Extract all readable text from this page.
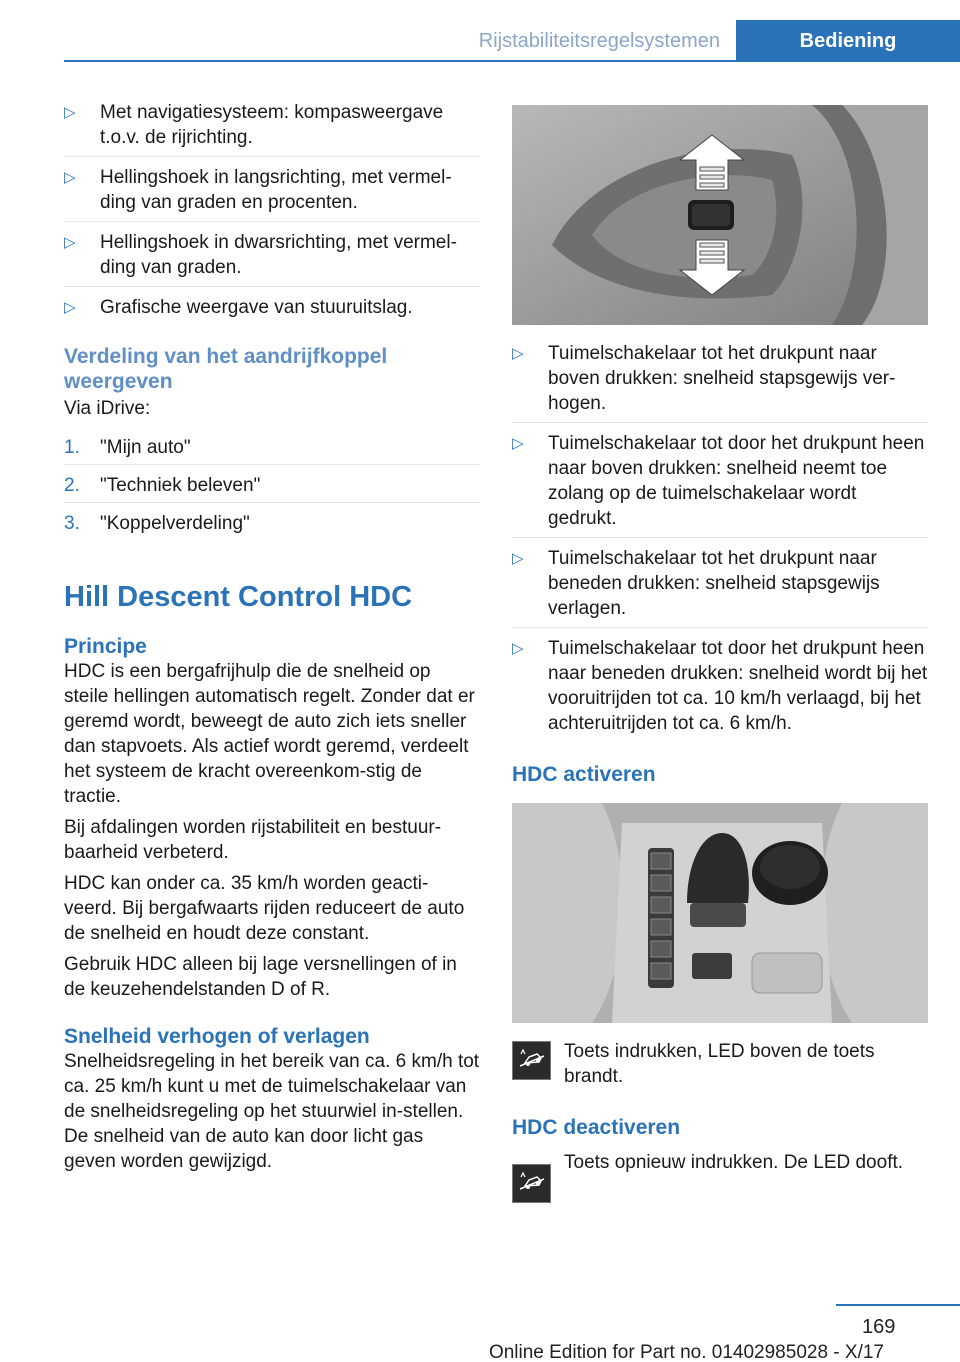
Rijstabiliteitsregelsystemen	Bediening
▷ Met navigatiesysteem: kompasweergave t.o.v. de rijrichting.
▷ Hellingshoek in langsrichting, met vermel-ding van graden en procenten.
▷ Hellingshoek in dwarsrichting, met vermel-ding van graden.
▷ Grafische weergave van stuuruitslag.
Verdeling van het aandrijfkoppel weergeven
Via iDrive:
1. "Mijn auto"
2. "Techniek beleven"
3. "Koppelverdeling"
Hill Descent Control HDC
Principe
HDC is een bergafrijhulp die de snelheid op steile hellingen automatisch regelt. Zonder dat er geremd wordt, beweegt de auto zich iets sneller dan stapvoets. Als actief wordt geremd, verdeelt het systeem de kracht overeenkom-stig de tractie.
Bij afdalingen worden rijstabiliteit en bestuur-baarheid verbeterd.
HDC kan onder ca. 35 km/h worden geacti-veerd. Bij bergafwaarts rijden reduceert de auto de snelheid en houdt deze constant.
Gebruik HDC alleen bij lage versnellingen of in de keuzehendelstanden D of R.
Snelheid verhogen of verlagen
Snelheidsregeling in het bereik van ca. 6 km/h tot ca. 25 km/h kunt u met de tuimelschakelaar van de snelheidsregeling op het stuurwiel in-stellen. De snelheid van de auto kan door licht gas geven worden gewijzigd.
▷ Tuimelschakelaar tot het drukpunt naar boven drukken: snelheid stapsgewijs ver-hogen.
▷ Tuimelschakelaar tot door het drukpunt heen naar boven drukken: snelheid neemt toe zolang op de tuimelschakelaar wordt gedrukt.
▷ Tuimelschakelaar tot het drukpunt naar beneden drukken: snelheid stapsgewijs verlagen.
▷ Tuimelschakelaar tot door het drukpunt heen naar beneden drukken: snelheid wordt bij het vooruitrijden tot ca. 10 km/h verlaagd, bij het achteruitrijden tot ca. 6 km/h.
HDC activeren
Toets indrukken, LED boven de toets brandt.
HDC deactiveren
Toets opnieuw indrukken. De LED dooft.
169
Online Edition for Part no. 01402985028 - X/17
